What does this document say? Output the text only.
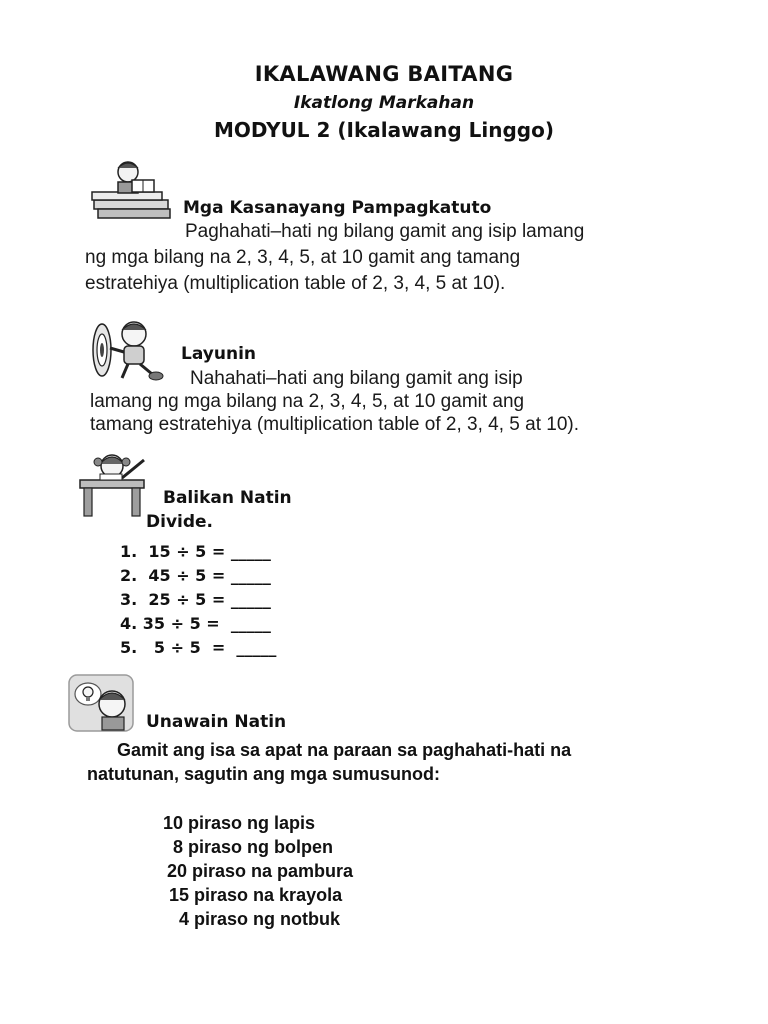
IKALAWANG BAITANG
Ikatlong Markahan
MODYUL 2 (Ikalawang Linggo)
Mga Kasanayang Pampagkatuto
Paghahati–hati ng bilang gamit ang isip lamang
ng mga bilang na 2, 3, 4, 5, at 10 gamit ang tamang
estratehiya (multiplication table of 2, 3, 4, 5 at 10).
Layunin
Nahahati–hati ang bilang gamit ang isip
lamang ng mga bilang na 2, 3, 4, 5, at 10 gamit ang
tamang estratehiya (multiplication table of 2, 3, 4, 5 at 10).
Balikan Natin
Divide.
1.  15 ÷ 5 = _____
2.  45 ÷ 5 = _____
3.  25 ÷ 5 = _____
4. 35 ÷ 5 =  _____
5.   5 ÷ 5  =  _____
Unawain Natin
Gamit ang isa sa apat na paraan sa paghahati-hati na
natutunan, sagutin ang mga sumusunod:
10 piraso ng lapis
8 piraso ng bolpen
20 piraso na pambura
15 piraso na krayola
4 piraso ng notbuk
